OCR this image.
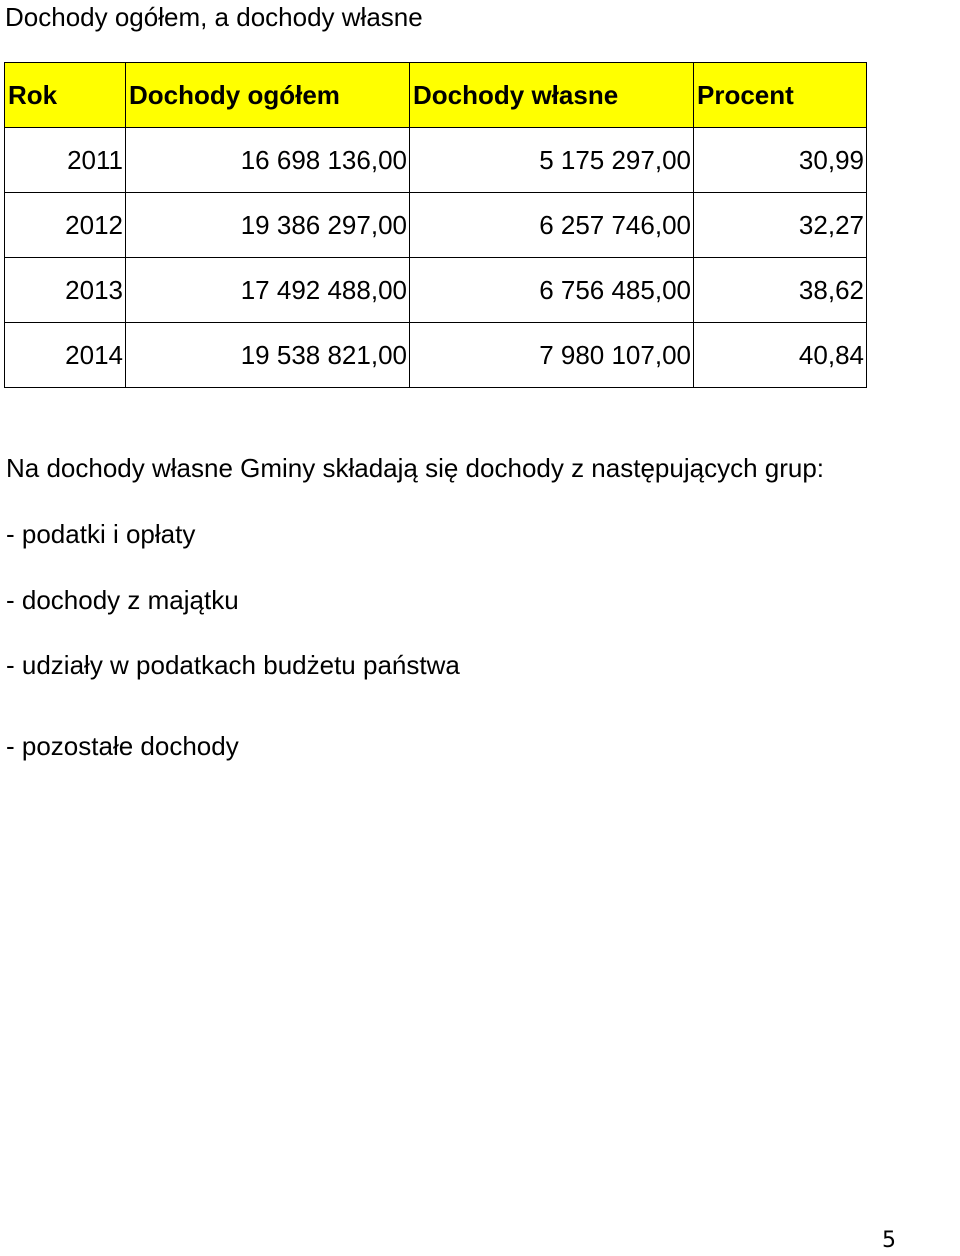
Dochody ogółem, a dochody własne
Rok	Dochody ogółem	Dochody własne	Procent
2011	16 698 136,00	5 175 297,00	30,99
2012	19 386 297,00	6 257 746,00	32,27
2013	17 492 488,00	6 756 485,00	38,62
2014	19 538 821,00	7 980 107,00	40,84
Na dochody własne Gminy składają się dochody z następujących grup:
- podatki i opłaty
- dochody z majątku
- udziały w podatkach budżetu państwa
- pozostałe dochody
5
